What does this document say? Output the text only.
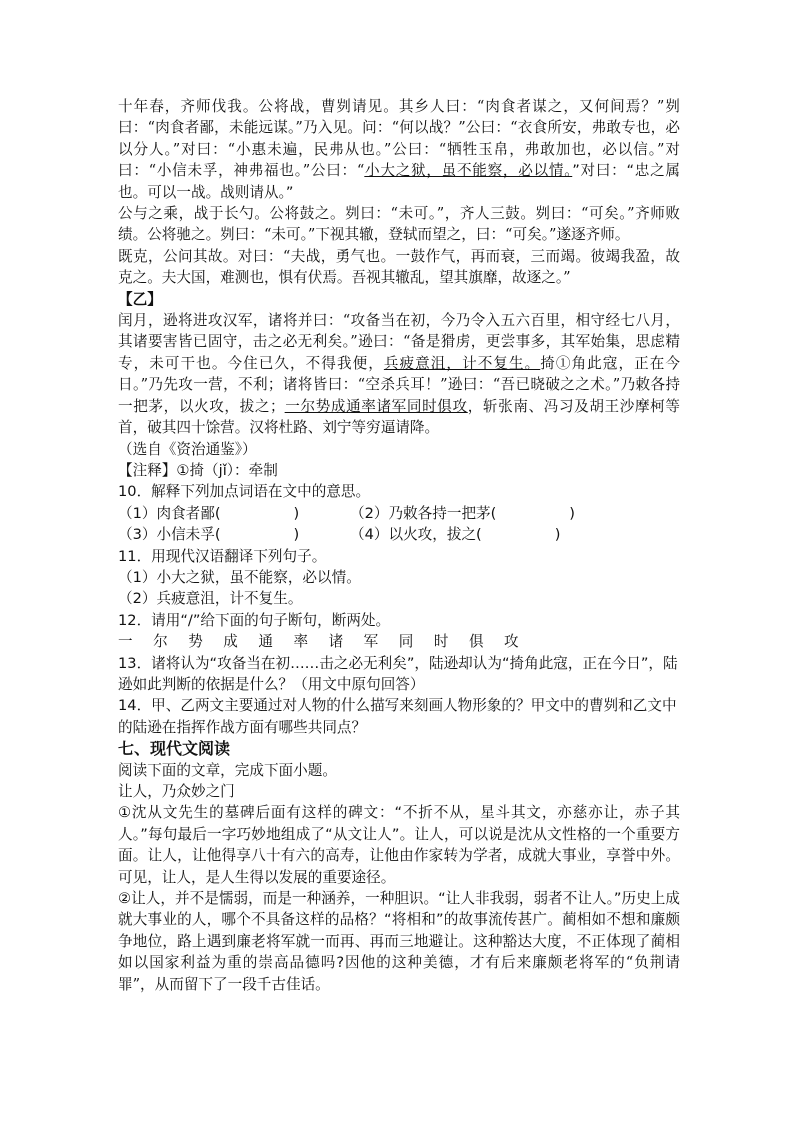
十年春，齐师伐我。公将战，曹刿请见。其乡人曰：“肉食者谋之，又何间焉？”刿曰：“肉食者鄙，未能远谋。”乃入见。问：“何以战？”公曰：“衣食所安，弗敢专也，必以分人。”对曰：“小惠未遍，民弗从也。”公曰：“牺牲玉帛，弗敢加也，必以信。”对曰：“小信未孚，神弗福也。”公曰：“小大之狱，虽不能察，必以情。”对曰：“忠之属也。可以一战。战则请从。”

公与之乘，战于长勺。公将鼓之。刿曰：“未可。”，齐人三鼓。刿曰：“可矣。”齐师败绩。公将驰之。刿曰：“未可。”下视其辙，登轼而望之，曰：“可矣。”遂逐齐师。

既克，公问其故。对曰：“夫战，勇气也。一鼓作气，再而衰，三而竭。彼竭我盈，故克之。夫大国，难测也，惧有伏焉。吾视其辙乱，望其旗靡，故逐之。”

【乙】

闰月，逊将进攻汉军，诸将并曰：“攻备当在初，今乃令入五六百里，相守经七八月，其诸要害皆已固守，击之必无利矣。”逊曰：“备是猾虏，更尝事多，其军始集，思虑精专，未可干也。今住已久，不得我便，兵疲意沮，计不复生。掎①角此寇，正在今日。”乃先攻一营，不利；诸将皆曰：“空杀兵耳！”逊曰：“吾已晓破之之术。”乃敕各持一把茅，以火攻，拔之；一尔势成通率诸军同时俱攻，斩张南、冯习及胡王沙摩柯等首，破其四十馀营。汉将杜路、刘宁等穷逼请降。

（选自《资治通鉴》）

【注释】①掎（jǐ）：牵制

10．解释下列加点词语在文中的意思。

（1）肉食者鄙(　　　　　)	（2）乃敕各持一把茅(　　　　　)
（3）小信未孚(　　　　　)	（4）以火攻，拔之(　　　　　)

11．用现代汉语翻译下列句子。

（1）小大之狱，虽不能察，必以情。

（2）兵疲意沮，计不复生。

12．请用“/”给下面的句子断句，断两处。

一尔势成通率诸军同时俱攻

13．诸将认为“攻备当在初……击之必无利矣”，陆逊却认为“掎角此寇，正在今日”，陆逊如此判断的依据是什么？（用文中原句回答）

14．甲、乙两文主要通过对人物的什么描写来刻画人物形象的？甲文中的曹刿和乙文中的陆逊在指挥作战方面有哪些共同点？

七、现代文阅读

阅读下面的文章，完成下面小题。

让人，乃众妙之门

①沈从文先生的墓碑后面有这样的碑文：“不折不从，星斗其文，亦慈亦让，赤子其人。”每句最后一字巧妙地组成了“从文让人”。让人，可以说是沈从文性格的一个重要方面。让人，让他得享八十有六的高寿，让他由作家转为学者，成就大事业，享誉中外。可见，让人，是人生得以发展的重要途径。

②让人，并不是懦弱，而是一种涵养，一种胆识。“让人非我弱，弱者不让人。”历史上成就大事业的人，哪个不具备这样的品格？“将相和”的故事流传甚广。蔺相如不想和廉颇争地位，路上遇到廉老将军就一而再、再而三地避让。这种豁达大度，不正体现了蔺相如以国家利益为重的崇高品德吗?因他的这种美德，才有后来廉颇老将军的“负荆请罪”，从而留下了一段千古佳话。
